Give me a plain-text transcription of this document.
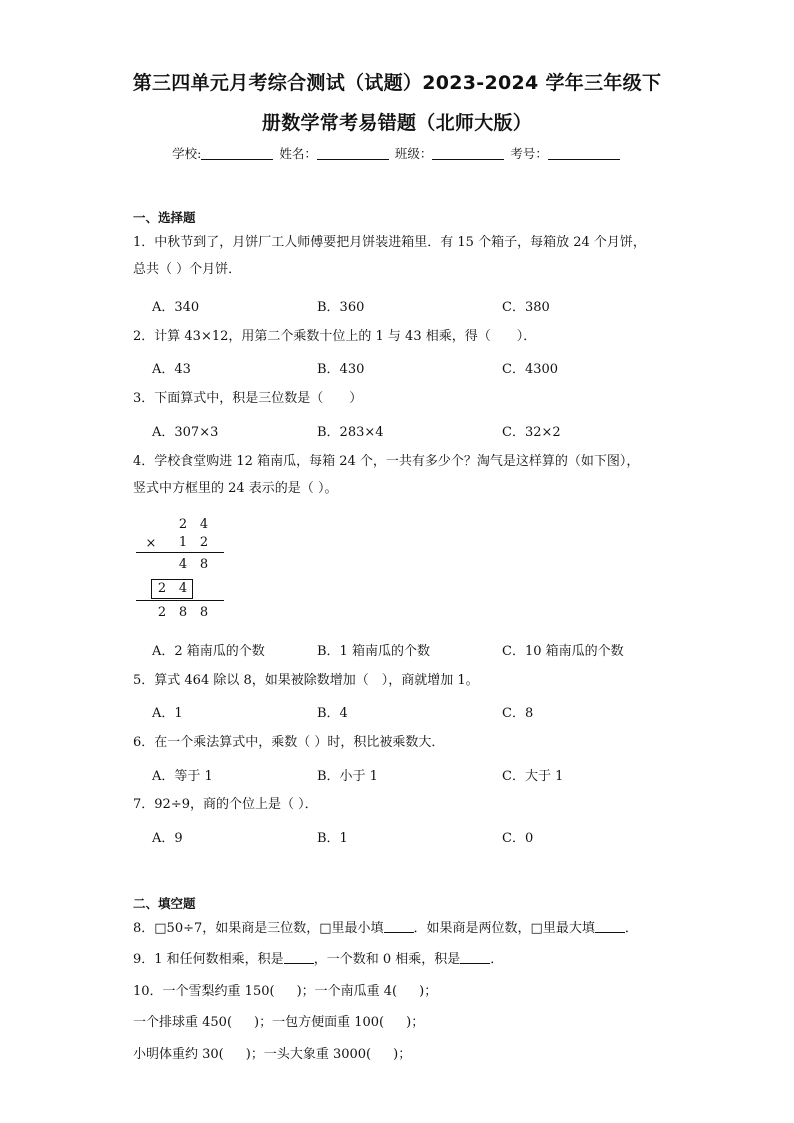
第三四单元月考综合测试（试题）2023-2024 学年三年级下
册数学常考易错题（北师大版）
学校:	姓名：	班级：	考号：
一、选择题
1．中秋节到了，月饼厂工人师傅要把月饼装进箱里．有 15 个箱子，每箱放 24 个月饼，
总共（ ）个月饼．
A．340	B．360	C．380
2．计算 43×12，用第二个乘数十位上的 1 与 43 相乘，得（　　）．
A．43	B．430	C．4300
3．下面算式中，积是三位数是（　　）
A．307×3	B．283×4	C．32×2
4．学校食堂购进 12 箱南瓜，每箱 24 个，一共有多少个？淘气是这样算的（如下图），
竖式中方框里的 24 表示的是（ ）。
2 4
× 1 2
4 8
2 4
2 8 8
A．2 箱南瓜的个数	B．1 箱南瓜的个数	C．10 箱南瓜的个数
5．算式 464 除以 8，如果被除数增加（　），商就增加 1。
A．1	B．4	C．8
6．在一个乘法算式中，乘数（ ）时，积比被乘数大．
A．等于 1	B．小于 1	C．大于 1
7．92÷9，商的个位上是（ ）．
A．9	B．1	C．0
二、填空题
8．□50÷7，如果商是三位数，□里最小填 ．如果商是两位数，□里最大填 ．
9．1 和任何数相乘，积是 ，一个数和 0 相乘，积是 ．
10．一个雪梨约重 150( )；一个南瓜重 4( )；
一个排球重 450( )；一包方便面重 100( )；
小明体重约 30( )；一头大象重 3000( )；
